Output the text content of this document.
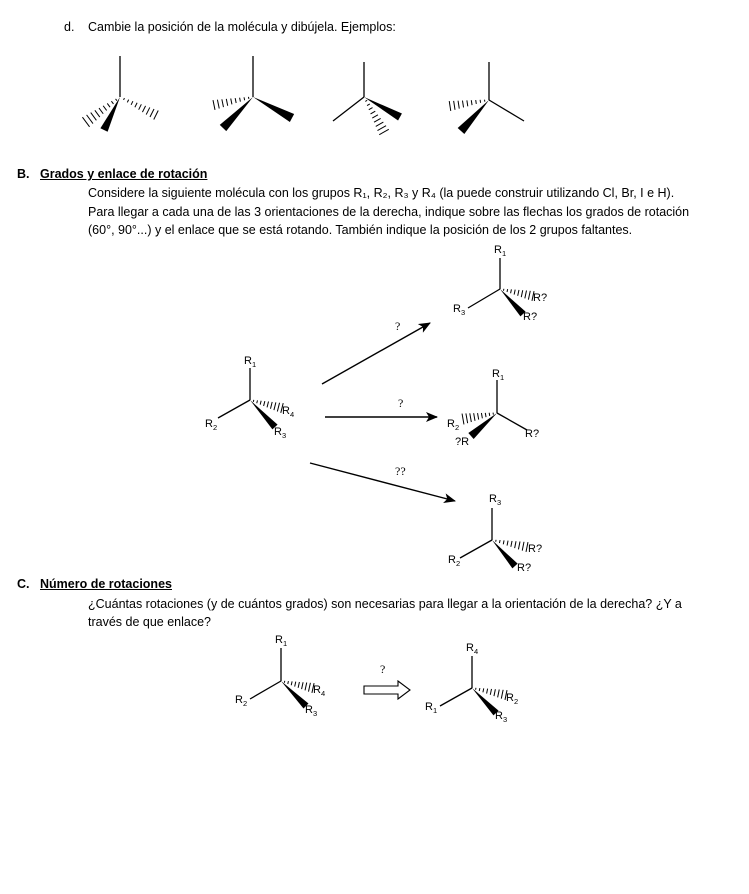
d. Cambie la posición de la molécula y dibújela. Ejemplos:
B. Grados y enlace de rotación
Considere la siguiente molécula con los grupos R₁, R₂, R₃ y R₄ (la puede construir utilizando Cl, Br, I e H).
Para llegar a cada una de las 3 orientaciones de la derecha, indique sobre las flechas los grados de rotación
(60°, 90°...) y el enlace que se está rotando. También indique la posición de los 2 grupos faltantes.
C. Número de rotaciones
¿Cuántas rotaciones (y de cuántos grados) son necesarias para llegar a la orientación de la derecha? ¿Y a
través de que enlace?
?
?
??
?
$R_1$
$R_2$
$R_4$
$R_3$
$R_1$
$R_3$
R?
R?
$R_1$
$R_2$
?R
R?
$R_3$
$R_2$
R?
R?
$R_1$
$R_2$
$R_4$
$R_3$
$R_4$
$R_1$
$R_2$
$R_3$
